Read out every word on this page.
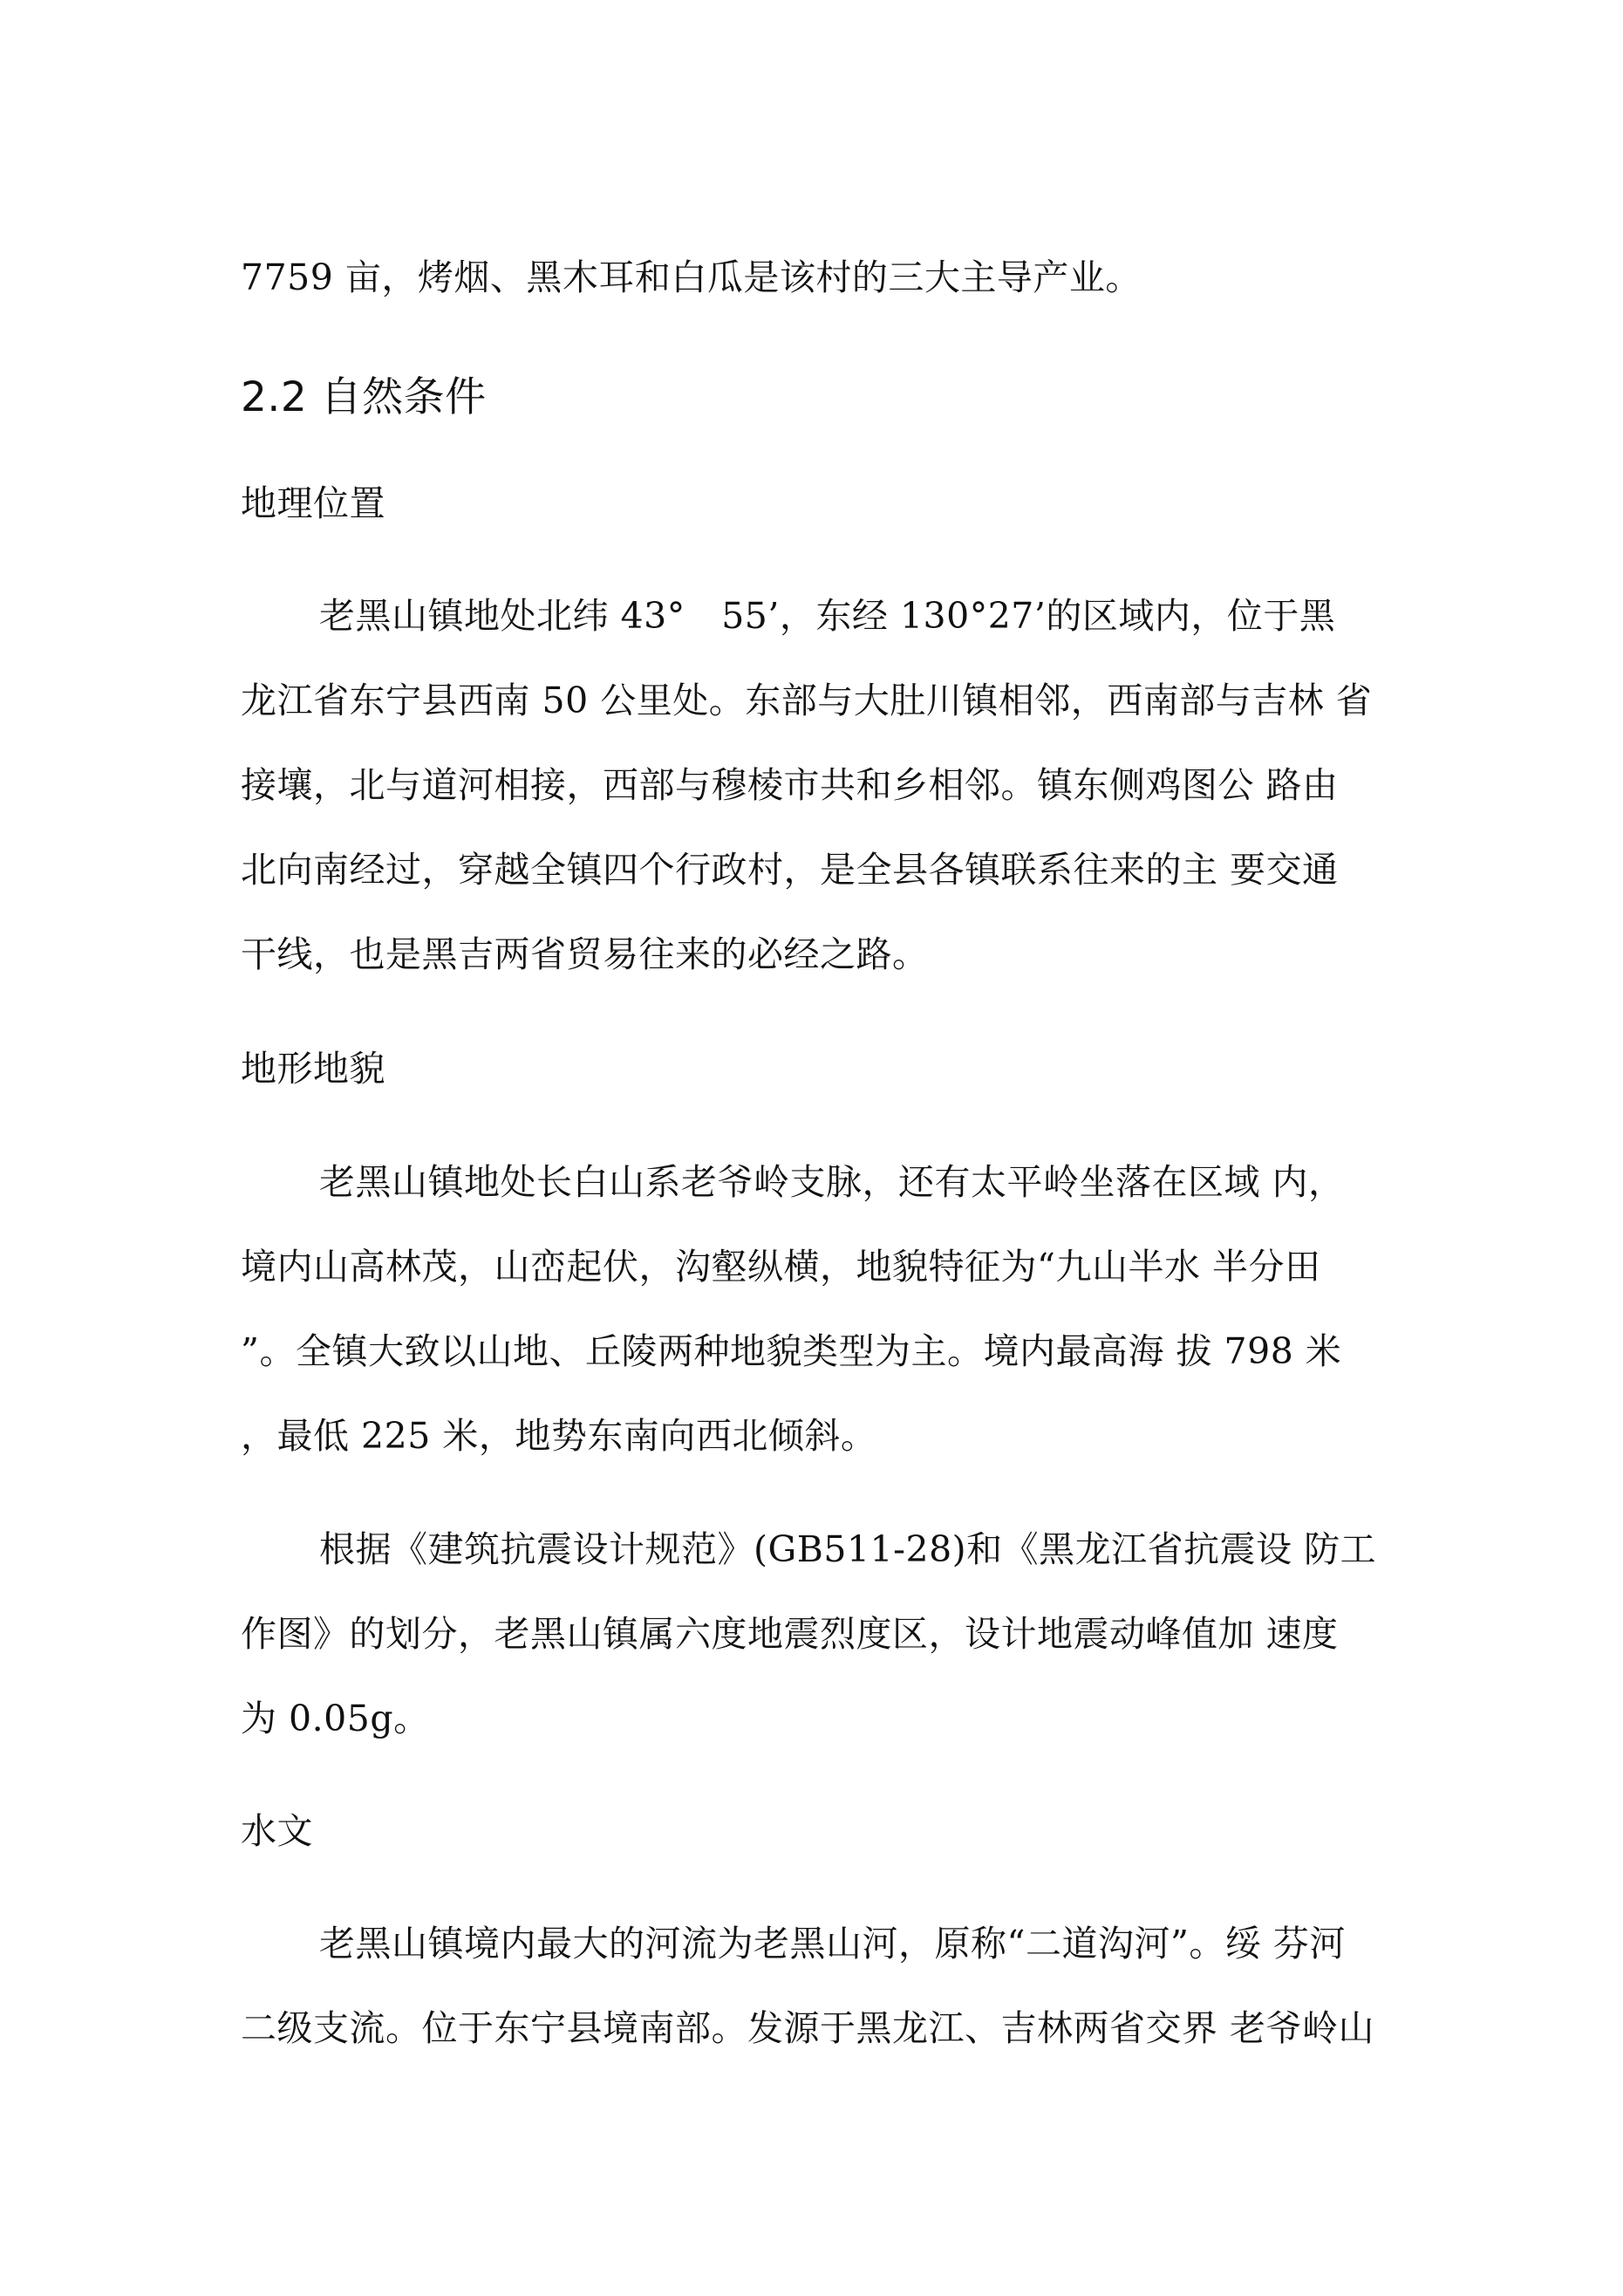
7759 亩，烤烟、黑木耳和白瓜是该村的三大主导产业。
2.2 自然条件
地理位置
老黑山镇地处北纬 43°　55’，东经 130°27’的区域内，位于黑
龙江省东宁县西南 50 公里处。东部与大肚川镇相邻，西南部与吉林 省
接壤，北与道河相接，西部与穆棱市共和乡相邻。镇东侧鸡图公 路由
北向南经过，穿越全镇四个行政村，是全县各镇联系往来的主 要交通
干线，也是黑吉两省贸易往来的必经之路。
地形地貌
老黑山镇地处长白山系老爷岭支脉，还有太平岭坐落在区域 内，
境内山高林茂，山峦起伏，沟壑纵横，地貌特征为“九山半水 半分田
”。全镇大致以山地、丘陵两种地貌类型为主。境内最高海 拔 798 米
，最低 225 米，地势东南向西北倾斜。
根据《建筑抗震设计规范》(GB511-28)和《黑龙江省抗震设 防工
作图》的划分，老黑山镇属六度地震烈度区，设计地震动峰值加 速度
为 0.05g。
水文
老黑山镇境内最大的河流为老黑山河，原称“二道沟河”。绥 芬河
二级支流。位于东宁县境南部。发源于黑龙江、吉林两省交界 老爷岭山
